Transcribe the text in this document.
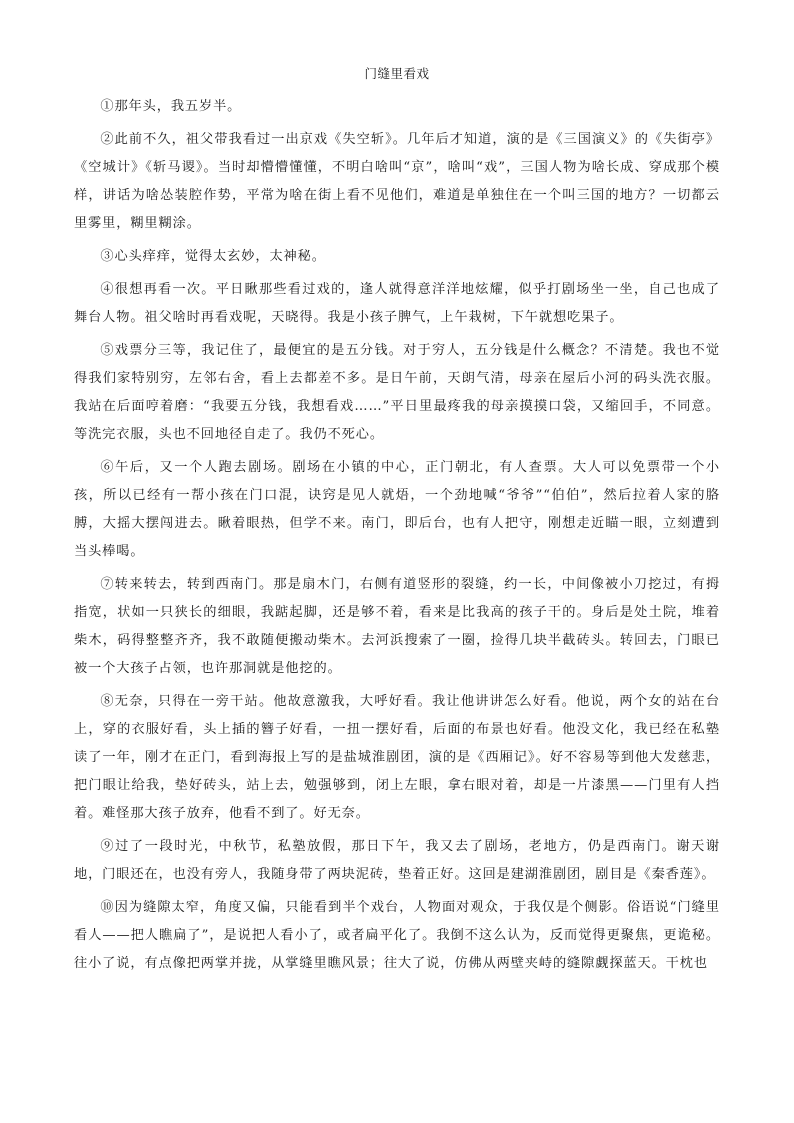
门缝里看戏

①那年头，我五岁半。

②此前不久，祖父带我看过一出京戏《失空斩》。几年后才知道，演的是《三国演义》的《失街亭》《空城计》《斩马谡》。当时却懵懵懂懂，不明白啥叫“京”，啥叫“戏”，三国人物为啥长成、穿成那个模样，讲话为啥怂装腔作势，平常为啥在街上看不见他们，难道是单独住在一个叫三国的地方？一切都云里雾里，糊里糊涂。

③心头痒痒，觉得太玄妙，太神秘。

④很想再看一次。平日瞅那些看过戏的，逢人就得意洋洋地炫耀，似乎打剧场坐一坐，自己也成了舞台人物。祖父啥时再看戏呢，天晓得。我是小孩子脾气，上午栽树，下午就想吃果子。

⑤戏票分三等，我记住了，最便宜的是五分钱。对于穷人，五分钱是什么概念？不清楚。我也不觉得我们家特别穷，左邻右舍，看上去都差不多。是日午前，天朗气清，母亲在屋后小河的码头洗衣服。我站在后面哼着磨：“我要五分钱，我想看戏……”平日里最疼我的母亲摸摸口袋，又缩回手，不同意。等洗完衣服，头也不回地径自走了。我仍不死心。

⑥午后，又一个人跑去剧场。剧场在小镇的中心，正门朝北，有人查票。大人可以免票带一个小孩，所以已经有一帮小孩在门口混，诀窍是见人就焐，一个劲地喊“爷爷”“伯伯”，然后拉着人家的胳膊，大摇大摆闯进去。瞅着眼热，但学不来。南门，即后台，也有人把守，刚想走近瞄一眼，立刻遭到当头棒喝。

⑦转来转去，转到西南门。那是扇木门，右侧有道竖形的裂缝，约一长，中间像被小刀挖过，有拇指宽，状如一只狭长的细眼，我踮起脚，还是够不着，看来是比我高的孩子干的。身后是处土院，堆着柴木，码得整整齐齐，我不敢随便搬动柴木。去河浜搜索了一圈，捡得几块半截砖头。转回去，门眼已被一个大孩子占领，也许那洞就是他挖的。

⑧无奈，只得在一旁干站。他故意激我，大呼好看。我让他讲讲怎么好看。他说，两个女的站在台上，穿的衣服好看，头上插的簪子好看，一扭一摆好看，后面的布景也好看。他没文化，我已经在私塾读了一年，刚才在正门，看到海报上写的是盐城淮剧团，演的是《西厢记》。好不容易等到他大发慈悲，把门眼让给我，垫好砖头，站上去，勉强够到，闭上左眼，拿右眼对着，却是一片漆黑——门里有人挡着。难怪那大孩子放弃，他看不到了。好无奈。

⑨过了一段时光，中秋节，私塾放假，那日下午，我又去了剧场，老地方，仍是西南门。谢天谢地，门眼还在，也没有旁人，我随身带了两块泥砖，垫着正好。这回是建湖淮剧团，剧目是《秦香莲》。

⑩因为缝隙太窄，角度又偏，只能看到半个戏台，人物面对观众，于我仅是个侧影。俗语说“门缝里看人——把人瞧扁了”，是说把人看小了，或者扁平化了。我倒不这么认为，反而觉得更聚焦，更诡秘。往小了说，有点像把两掌并拢，从掌缝里瞧风景；往大了说，仿佛从两壁夹峙的缝隙觑探蓝天。干枕也
